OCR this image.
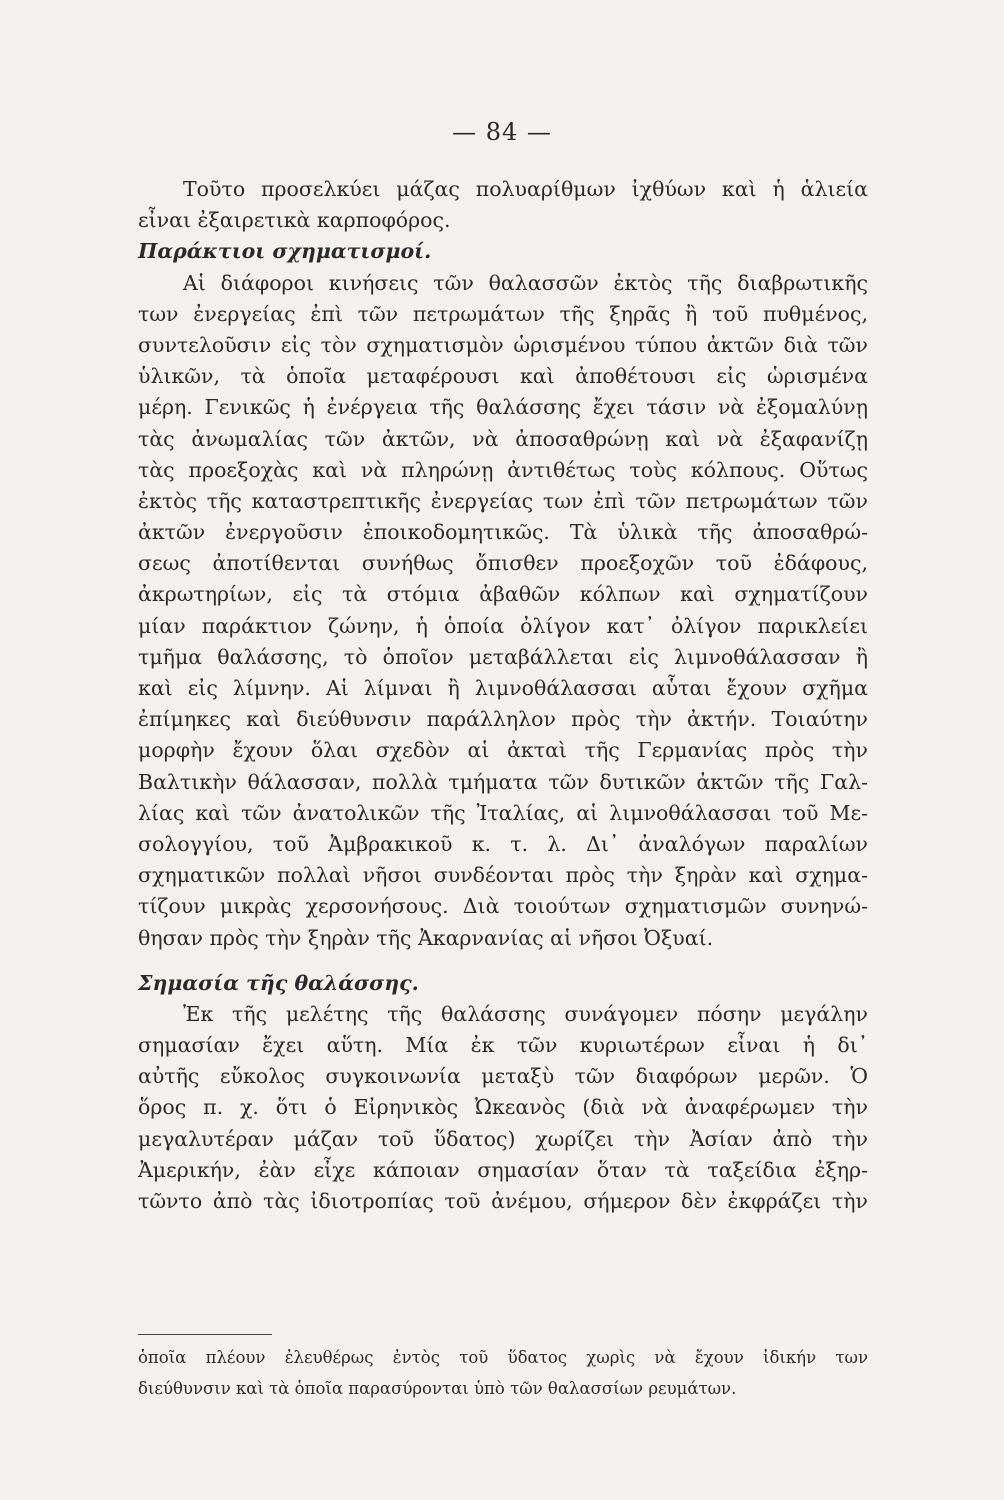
— 84 —
Τοῦτο προσελκύει μάζας πολυαρίθμων ἰχθύων καὶ ἡ ἁλιεία
εἶναι ἐξαιρετικὰ καρποφόρος.
Παράκτιοι σχηματισμοί.
Αἱ διάφοροι κινήσεις τῶν θαλασσῶν ἐκτὸς τῆς διαβρωτικῆς
των ἐνεργείας ἐπὶ τῶν πετρωμάτων τῆς ξηρᾶς ἢ τοῦ πυθμένος,
συντελοῦσιν εἰς τὸν σχηματισμὸν ὡρισμένου τύπου ἀκτῶν διὰ τῶν
ὑλικῶν, τὰ ὁποῖα μεταφέρουσι καὶ ἀποθέτουσι εἰς ὡρισμένα
μέρη. Γενικῶς ἡ ἐνέργεια τῆς θαλάσσης ἔχει τάσιν νὰ ἐξομαλύνῃ
τὰς ἀνωμαλίας τῶν ἀκτῶν, νὰ ἀποσαθρώνῃ καὶ νὰ ἐξαφανίζῃ
τὰς προεξοχὰς καὶ νὰ πληρώνῃ ἀντιθέτως τοὺς κόλπους. Οὕτως
ἐκτὸς τῆς καταστρεπτικῆς ἐνεργείας των ἐπὶ τῶν πετρωμάτων τῶν
ἀκτῶν ἐνεργοῦσιν ἐποικοδομητικῶς. Τὰ ὑλικὰ τῆς ἀποσαθρώ-
σεως ἀποτίθενται συνήθως ὄπισθεν προεξοχῶν τοῦ ἐδάφους,
ἀκρωτηρίων, εἰς τὰ στόμια ἀβαθῶν κόλπων καὶ σχηματίζουν
μίαν παράκτιον ζώνην, ἡ ὁποία ὀλίγον κατ᾿ ὀλίγον παρικλείει
τμῆμα θαλάσσης, τὸ ὁποῖον μεταβάλλεται εἰς λιμνοθάλασσαν ἢ
καὶ εἰς λίμνην. Αἱ λίμναι ἢ λιμνοθάλασσαι αὗται ἔχουν σχῆμα
ἐπίμηκες καὶ διεύθυνσιν παράλληλον πρὸς τὴν ἀκτήν. Τοιαύτην
μορφὴν ἔχουν ὅλαι σχεδὸν αἱ ἀκταὶ τῆς Γερμανίας πρὸς τὴν
Βαλτικὴν θάλασσαν, πολλὰ τμήματα τῶν δυτικῶν ἀκτῶν τῆς Γαλ-
λίας καὶ τῶν ἀνατολικῶν τῆς Ἰταλίας, αἱ λιμνοθάλασσαι τοῦ Με-
σολογγίου, τοῦ Ἀμβρακικοῦ κ. τ. λ. Δι᾿ ἀναλόγων παραλίων
σχηματικῶν πολλαὶ νῆσοι συνδέονται πρὸς τὴν ξηρὰν καὶ σχημα-
τίζουν μικρὰς χερσονήσους. Διὰ τοιούτων σχηματισμῶν συνηνώ-
θησαν πρὸς τὴν ξηρὰν τῆς Ἀκαρνανίας αἱ νῆσοι Ὀξυαί.
Σημασία τῆς θαλάσσης.
Ἐκ τῆς μελέτης τῆς θαλάσσης συνάγομεν πόσην μεγάλην
σημασίαν ἔχει αὕτη. Μία ἐκ τῶν κυριωτέρων εἶναι ἡ δι᾿
αὐτῆς εὔκολος συγκοινωνία μεταξὺ τῶν διαφόρων μερῶν. Ὁ
ὅρος π. χ. ὅτι ὁ Εἰρηνικὸς Ὠκεανὸς (διὰ νὰ ἀναφέρωμεν τὴν
μεγαλυτέραν μάζαν τοῦ ὕδατος) χωρίζει τὴν Ἀσίαν ἀπὸ τὴν
Ἀμερικήν, ἐὰν εἶχε κάποιαν σημασίαν ὅταν τὰ ταξείδια ἐξηρ-
τῶντο ἀπὸ τὰς ἰδιοτροπίας τοῦ ἀνέμου, σήμερον δὲν ἐκφράζει τὴν
ὁποῖα πλέουν ἐλευθέρως ἐντὸς τοῦ ὕδατος χωρὶς νὰ ἔχουν ἰδικήν των
διεύθυνσιν καὶ τὰ ὁποῖα παρασύρονται ὑπὸ τῶν θαλασσίων ρευμάτων.
